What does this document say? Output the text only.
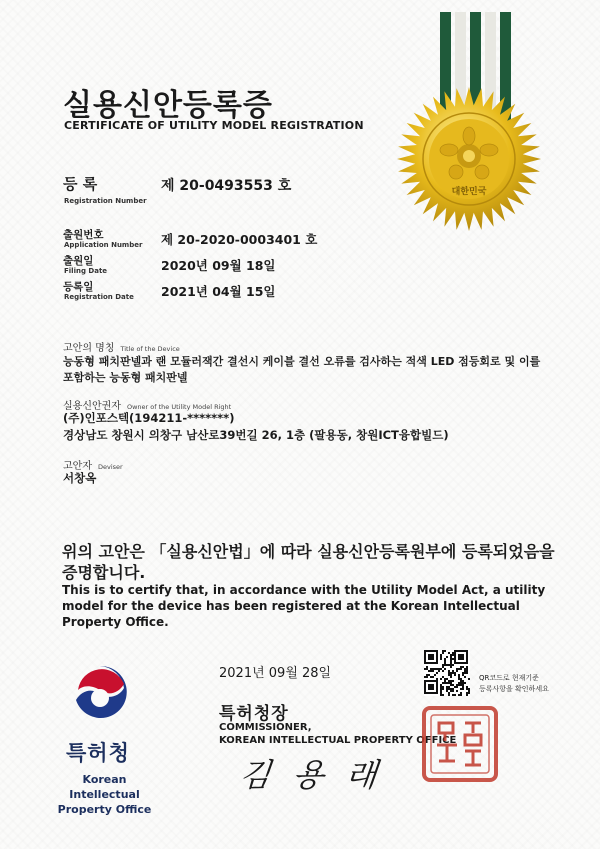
실용신안등록증
CERTIFICATE OF UTILITY MODEL REGISTRATION
대한민국
등 록
Registration Number
제 20-0493553 호
출원번호
Application Number 제 20-2020-0003401 호
출원일
Filing Date	2020년 09월 18일
등록일
Registration Date 2021년 04월 15일
고안의 명칭 Title of the Device
능동형 패치판넬과 랜 모듈러잭간 결선시 케이블 결선 오류를 검사하는 적색 LED 점등회로 및 이를
포함하는 능동형 패치판넬
실용신안권자 Owner of the Utility Model Right
(주)인포스텍(194211-*******)
경상남도 창원시 의창구 남산로39번길 26, 1층 (팔용동, 창원ICT융합빌드)
고안자 Deviser
서창옥
위의 고안은 「실용신안법」에 따라 실용신안등록원부에 등록되었음을 증명합니다.
This is to certify that, in accordance with the Utility Model Act, a utility model for the device has been registered at the Korean Intellectual Property Office.
2021년 09월 28일	QR코드로 현재기준
등록사항을 확인하세요
특허청장
COMMISSIONER,
KOREAN INTELLECTUAL PROPERTY OFFICE
김 용 래
특허청
Korean Intellectual Property Office
